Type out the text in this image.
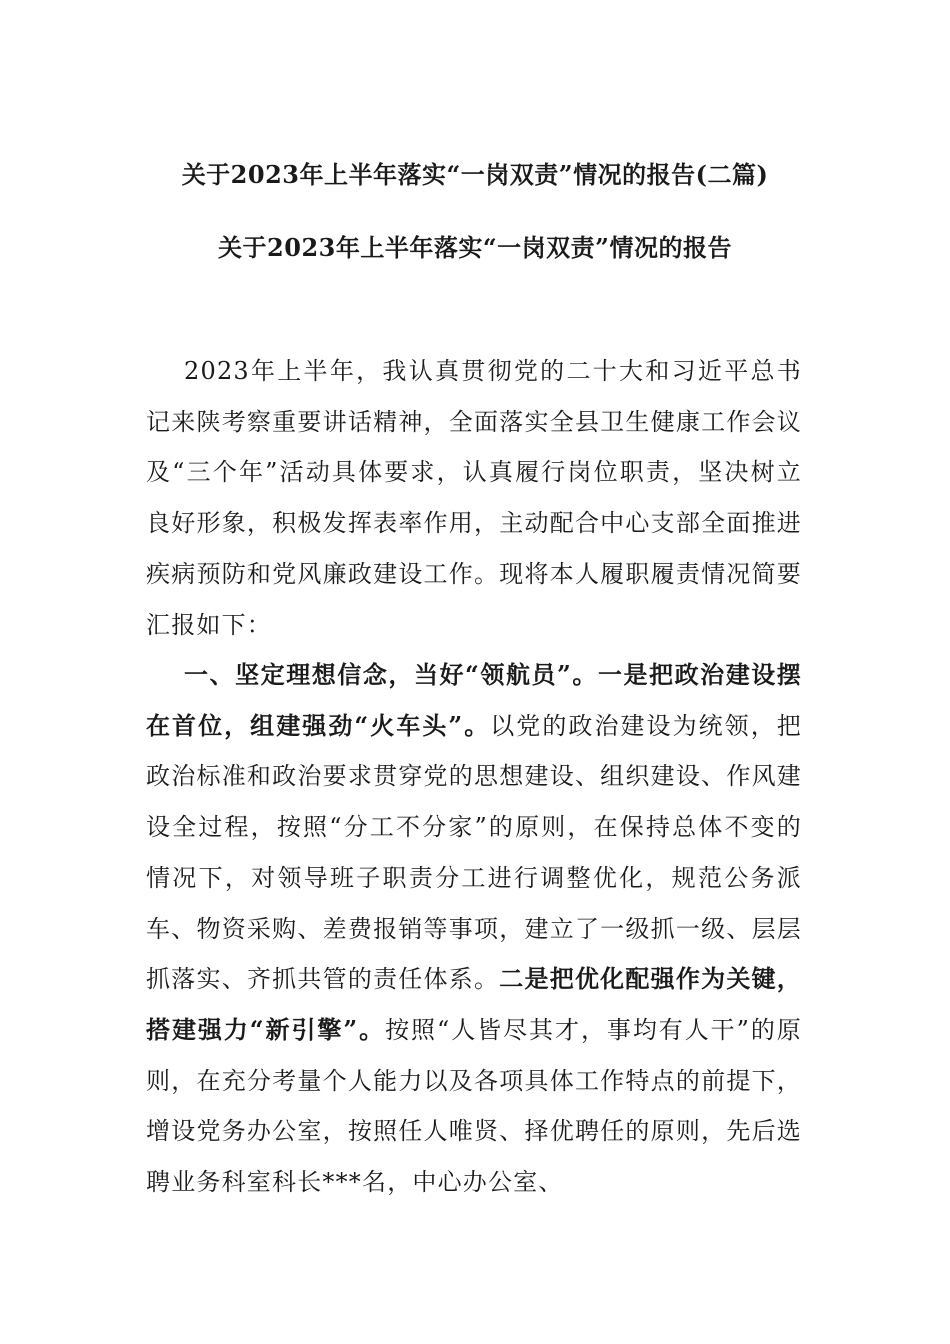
关于2023年上半年落实“一岗双责”情况的报告(二篇)
关于2023年上半年落实“一岗双责”情况的报告

2023年上半年，我认真贯彻党的二十大和习近平总书记来陕考察重要讲话精神，全面落实全县卫生健康工作会议及“三个年”活动具体要求，认真履行岗位职责，坚决树立良好形象，积极发挥表率作用，主动配合中心支部全面推进疾病预防和党风廉政建设工作。现将本人履职履责情况简要汇报如下：

一、坚定理想信念，当好“领航员”。一是把政治建设摆在首位，组建强劲“火车头”。以党的政治建设为统领，把政治标准和政治要求贯穿党的思想建设、组织建设、作风建设全过程，按照“分工不分家”的原则，在保持总体不变的情况下，对领导班子职责分工进行调整优化，规范公务派车、物资采购、差费报销等事项，建立了一级抓一级、层层抓落实、齐抓共管的责任体系。二是把优化配强作为关键，搭建强力“新引擎”。按照“人皆尽其才，事均有人干”的原则，在充分考量个人能力以及各项具体工作特点的前提下，增设党务办公室，按照任人唯贤、择优聘任的原则，先后选聘业务科室科长***名，中心办公室、
